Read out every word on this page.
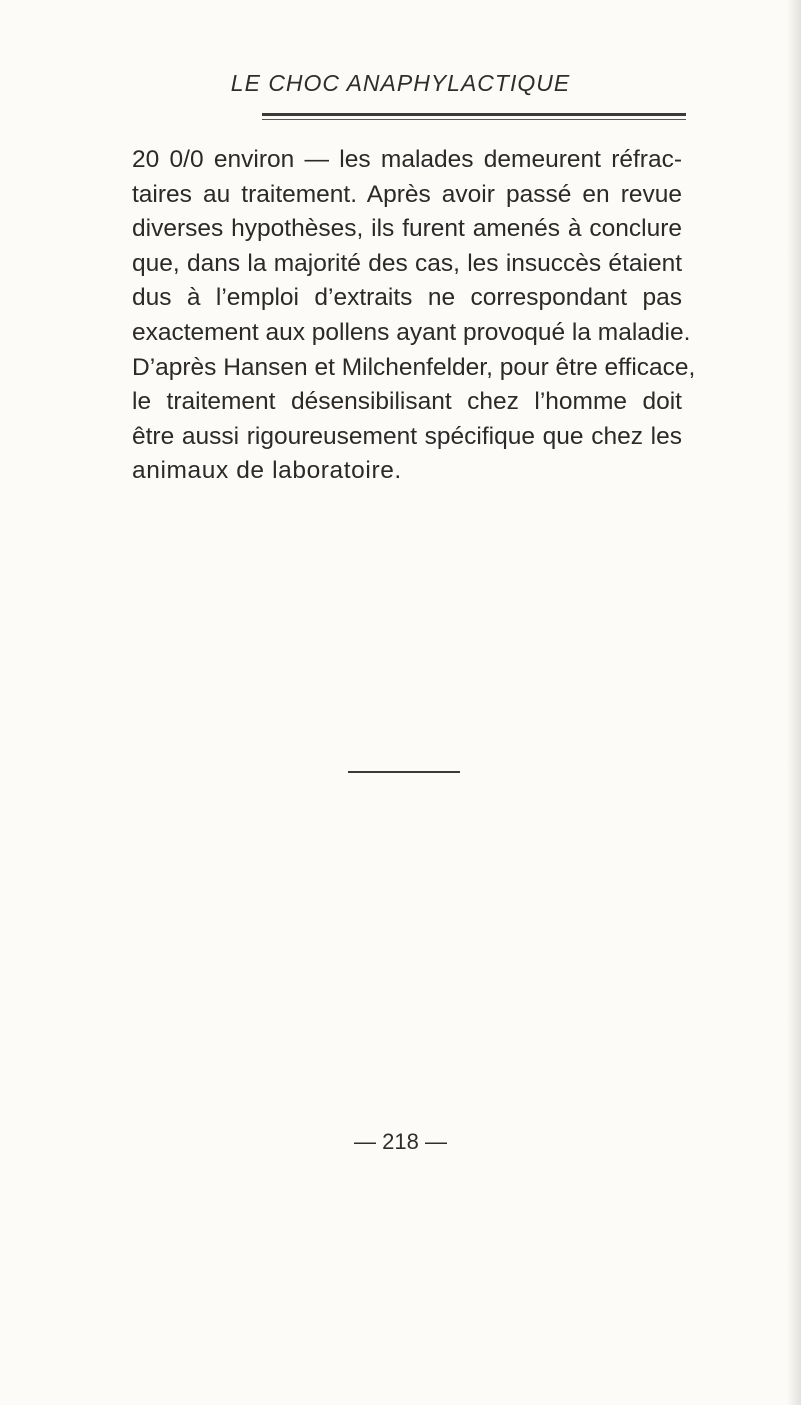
LE CHOC ANAPHYLACTIQUE
20 0/0 environ — les malades demeurent réfrac-
taires au traitement. Après avoir passé en revue
diverses hypothèses, ils furent amenés à conclure
que, dans la majorité des cas, les insuccès étaient
dus à l’emploi d’extraits ne correspondant pas
exactement aux pollens ayant provoqué la maladie.
D’après Hansen et Milchenfelder, pour être efficace,
le traitement désensibilisant chez l’homme doit
être aussi rigoureusement spécifique que chez les
animaux de laboratoire.
— 218 —
